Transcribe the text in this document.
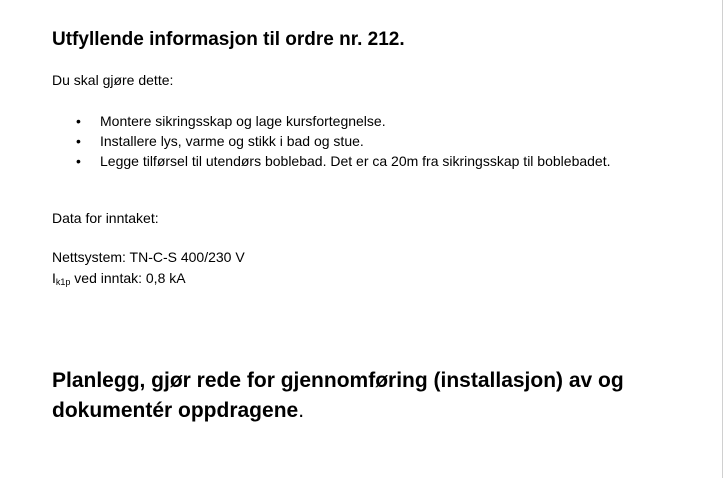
Utfyllende informasjon til ordre nr. 212.
Du skal gjøre dette:
• Montere sikringsskap og lage kursfortegnelse.
• Installere lys, varme og stikk i bad og stue.
• Legge tilførsel til utendørs boblebad. Det er ca 20m fra sikringsskap til boblebadet.
Data for inntaket:
Nettsystem: TN-C-S 400/230 V
$I_{k1p}$ ved inntak: 0,8 kA
Planlegg, gjør rede for gjennomføring (installasjon) av og dokumentér oppdragene.
